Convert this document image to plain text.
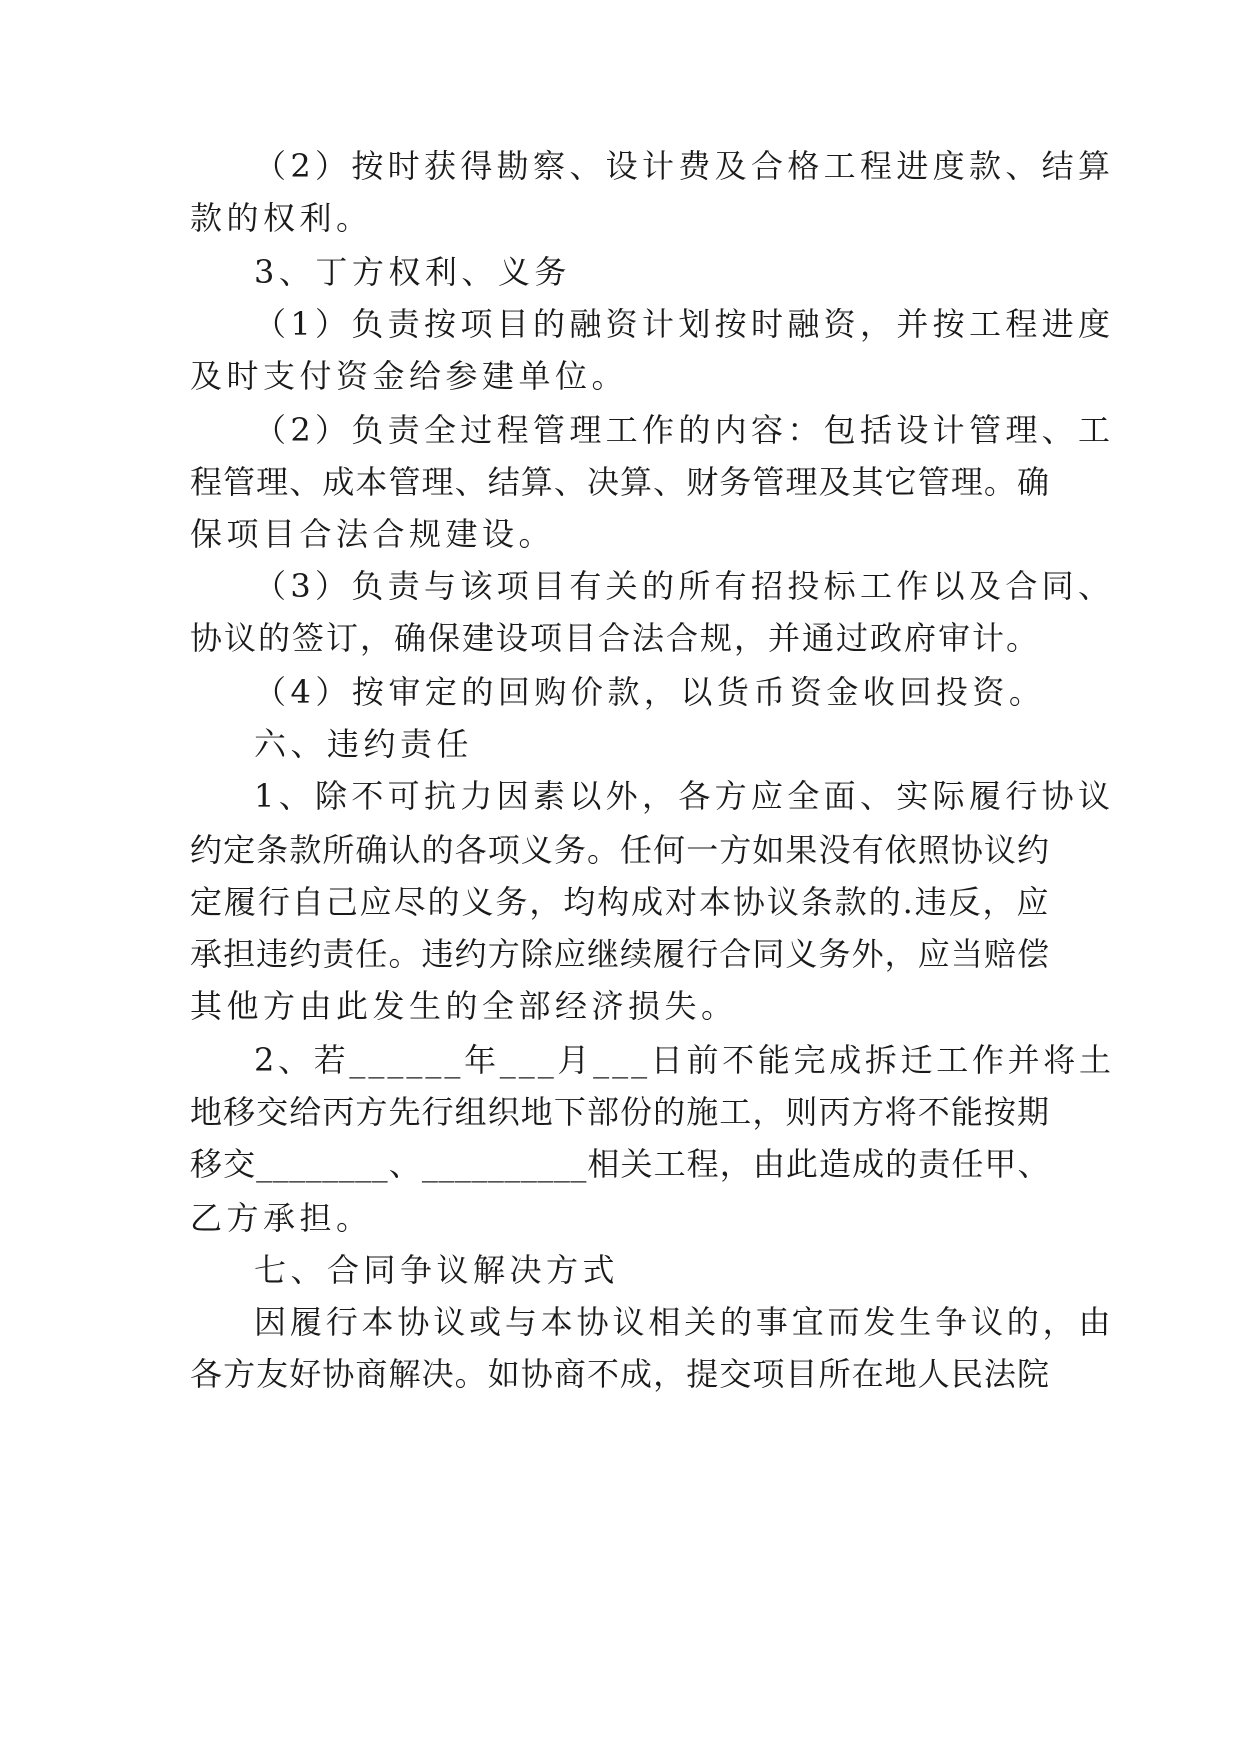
（2）按时获得勘察、设计费及合格工程进度款、结算
款的权利。
3、丁方权利、义务
（1）负责按项目的融资计划按时融资，并按工程进度
及时支付资金给参建单位。
（2）负责全过程管理工作的内容：包括设计管理、工
程管理、成本管理、结算、决算、财务管理及其它管理。确
保项目合法合规建设。
（3）负责与该项目有关的所有招投标工作以及合同、
协议的签订，确保建设项目合法合规，并通过政府审计。
（4）按审定的回购价款，以货币资金收回投资。
六、违约责任
1、除不可抗力因素以外，各方应全面、实际履行协议
约定条款所确认的各项义务。任何一方如果没有依照协议约
定履行自己应尽的义务，均构成对本协议条款的.违反，应
承担违约责任。违约方除应继续履行合同义务外，应当赔偿
其他方由此发生的全部经济损失。
2、若______年___月___日前不能完成拆迁工作并将土
地移交给丙方先行组织地下部份的施工，则丙方将不能按期
移交________、__________相关工程，由此造成的责任甲、
乙方承担。
七、合同争议解决方式
因履行本协议或与本协议相关的事宜而发生争议的，由
各方友好协商解决。如协商不成，提交项目所在地人民法院
